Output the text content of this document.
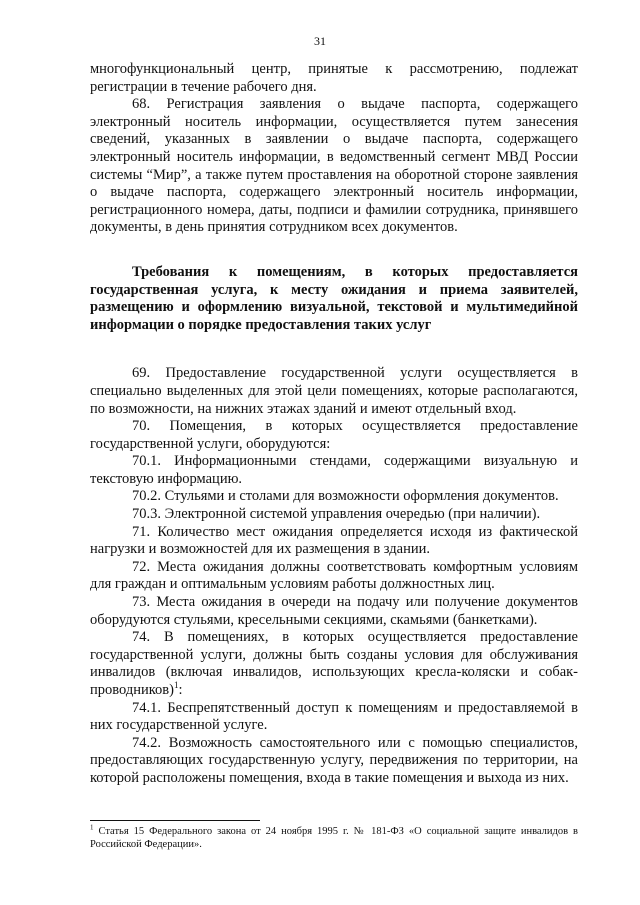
31

многофункциональный центр, принятые к рассмотрению, подлежат регистрации в течение рабочего дня.

68. Регистрация заявления о выдаче паспорта, содержащего электронный носитель информации, осуществляется путем занесения сведений, указанных в заявлении о выдаче паспорта, содержащего электронный носитель информации, в ведомственный сегмент МВД России системы “Мир”, а также путем проставления на оборотной стороне заявления о выдаче паспорта, содержащего электронный носитель информации, регистрационного номера, даты, подписи и фамилии сотрудника, принявшего документы, в день принятия сотрудником всех документов.

Требования к помещениям, в которых предоставляется государственная услуга, к месту ожидания и приема заявителей, размещению и оформлению визуальной, текстовой и мультимедийной информации о порядке предоставления таких услуг

69. Предоставление государственной услуги осуществляется в специально выделенных для этой цели помещениях, которые располагаются, по возможности, на нижних этажах зданий и имеют отдельный вход.

70. Помещения, в которых осуществляется предоставление государственной услуги, оборудуются:

70.1. Информационными стендами, содержащими визуальную и текстовую информацию.

70.2. Стульями и столами для возможности оформления документов.

70.3. Электронной системой управления очередью (при наличии).

71. Количество мест ожидания определяется исходя из фактической нагрузки и возможностей для их размещения в здании.

72. Места ожидания должны соответствовать комфортным условиям для граждан и оптимальным условиям работы должностных лиц.

73. Места ожидания в очереди на подачу или получение документов оборудуются стульями, кресельными секциями, скамьями (банкетками).

74. В помещениях, в которых осуществляется предоставление государственной услуги, должны быть созданы условия для обслуживания инвалидов (включая инвалидов, использующих кресла-коляски и собак-проводников)$^1$:

74.1. Беспрепятственный доступ к помещениям и предоставляемой в них государственной услуге.

74.2. Возможность самостоятельного или с помощью специалистов, предоставляющих государственную услугу, передвижения по территории, на которой расположены помещения, входа в такие помещения и выхода из них.

$^1$ Статья 15 Федерального закона от 24 ноября 1995 г. № 181-ФЗ «О социальной защите инвалидов в Российской Федерации».
